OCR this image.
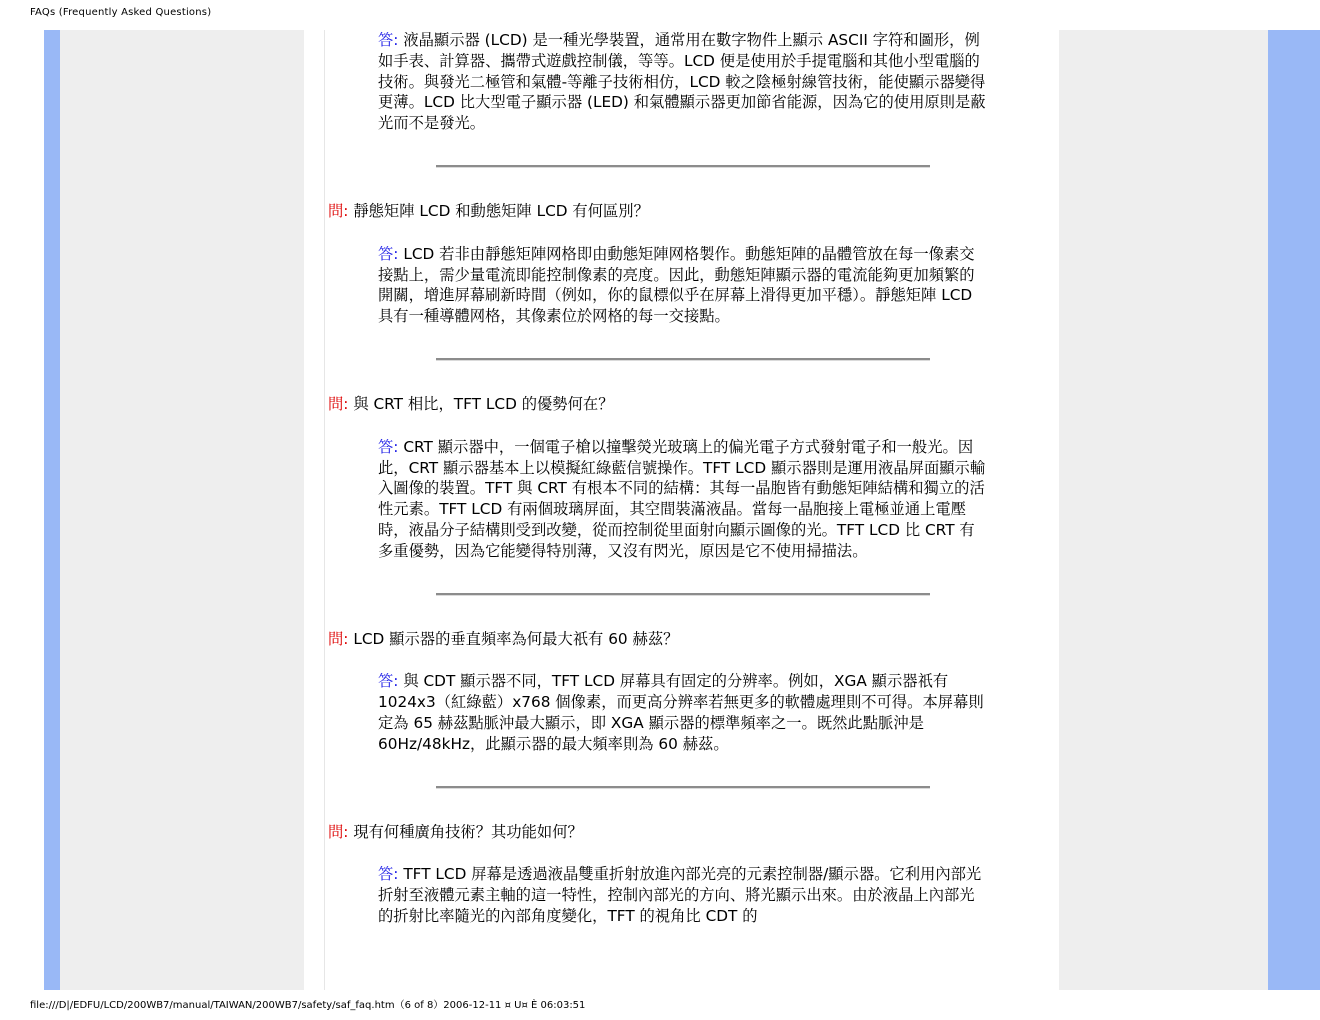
FAQs (Frequently Asked Questions)

答: 液晶顯示器 (LCD) 是一種光學裝置，通常用在數字物件上顯示 ASCII 字符和圖形，例如手表、計算器、攜帶式遊戲控制儀，等等。LCD 便是使用於手提電腦和其他小型電腦的技術。與發光二極管和氣體-等離子技術相仿，LCD 較之陰極射線管技術，能使顯示器變得更薄。LCD 比大型電子顯示器 (LED) 和氣體顯示器更加節省能源，因為它的使用原則是蔽光而不是發光。

問: 靜態矩陣 LCD 和動態矩陣 LCD 有何區別？

答: LCD 若非由靜態矩陣网格即由動態矩陣网格製作。動態矩陣的晶體管放在每一像素交接點上，需少量電流即能控制像素的亮度。因此，動態矩陣顯示器的電流能夠更加頻繁的開關，增進屏幕刷新時間（例如，你的鼠標似乎在屏幕上滑得更加平穩）。靜態矩陣 LCD 具有一種導體网格，其像素位於网格的每一交接點。

問: 與 CRT 相比，TFT LCD 的優勢何在？

答: CRT 顯示器中，一個電子槍以撞擊熒光玻璃上的偏光電子方式發射電子和一般光。因此，CRT 顯示器基本上以模擬紅綠藍信號操作。TFT LCD 顯示器則是運用液晶屏面顯示輸入圖像的裝置。TFT 與 CRT 有根本不同的結構：其每一晶胞皆有動態矩陣結構和獨立的活性元素。TFT LCD 有兩個玻璃屏面，其空間裝滿液晶。當每一晶胞接上電極並通上電壓時，液晶分子結構則受到改變，從而控制從里面射向顯示圖像的光。TFT LCD 比 CRT 有多重優勢，因為它能變得特別薄，又沒有閃光，原因是它不使用掃描法。

問: LCD 顯示器的垂直頻率為何最大祇有 60 赫茲？

答: 與 CDT 顯示器不同，TFT LCD 屏幕具有固定的分辨率。例如，XGA 顯示器祇有 1024x3（紅綠藍）x768 個像素，而更高分辨率若無更多的軟體處理則不可得。本屏幕則定為 65 赫茲點脈沖最大顯示，即 XGA 顯示器的標準頻率之一。既然此點脈沖是 60Hz/48kHz，此顯示器的最大頻率則為 60 赫茲。

問: 現有何種廣角技術？其功能如何？

答: TFT LCD 屏幕是透過液晶雙重折射放進內部光亮的元素控制器/顯示器。它利用內部光折射至液體元素主軸的這一特性，控制內部光的方向、將光顯示出來。由於液晶上內部光的折射比率隨光的內部角度變化，TFT 的視角比 CDT 的

file:///D|/EDFU/LCD/200WB7/manual/TAIWAN/200WB7/safety/saf_faq.htm（6 of 8）2006-12-11 ¤ U¤ È 06:03:51
